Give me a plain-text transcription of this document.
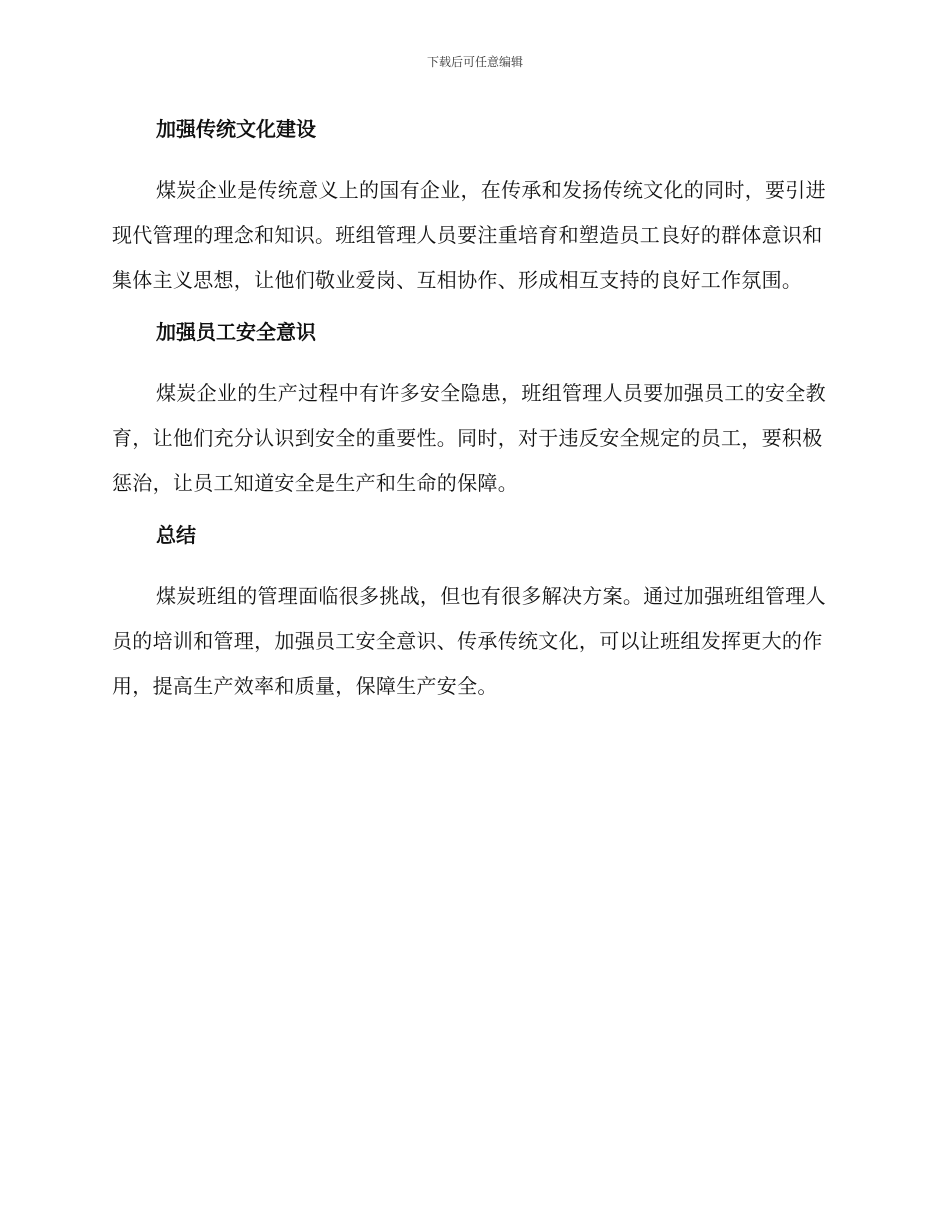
下载后可任意编辑
加强传统文化建设

煤炭企业是传统意义上的国有企业，在传承和发扬传统文化的同时，要引进现代管理的理念和知识。班组管理人员要注重培育和塑造员工良好的群体意识和集体主义思想，让他们敬业爱岗、互相协作、形成相互支持的良好工作氛围。

加强员工安全意识

煤炭企业的生产过程中有许多安全隐患，班组管理人员要加强员工的安全教育，让他们充分认识到安全的重要性。同时，对于违反安全规定的员工，要积极惩治，让员工知道安全是生产和生命的保障。

总结

煤炭班组的管理面临很多挑战，但也有很多解决方案。通过加强班组管理人员的培训和管理，加强员工安全意识、传承传统文化，可以让班组发挥更大的作用，提高生产效率和质量，保障生产安全。
